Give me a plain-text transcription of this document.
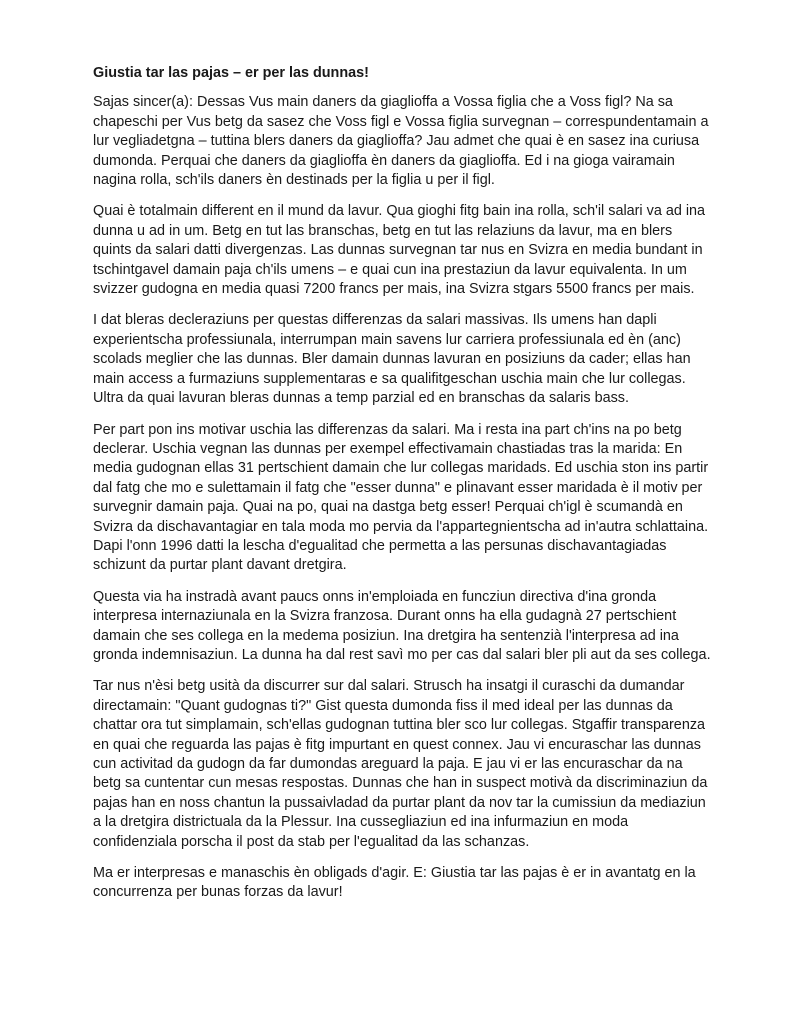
Giustia tar las pajas – er per las dunnas!

Sajas sincer(a): Dessas Vus main daners da giaglioffa a Vossa figlia che a Voss figl? Na sa chapeschi per Vus betg da sasez che Voss figl e Vossa figlia survegnan – correspundentamain a lur vegliadetgna – tuttina blers daners da giaglioffa? Jau admet che quai è en sasez ina curiusa dumonda. Perquai che daners da giaglioffa èn daners da giaglioffa. Ed i na gioga vairamain nagina rolla, sch'ils daners èn destinads per la figlia u per il figl.

Quai è totalmain different en il mund da lavur. Qua gioghi fitg bain ina rolla, sch'il salari va ad ina dunna u ad in um. Betg en tut las branschas, betg en tut las relaziuns da lavur, ma en blers quints da salari datti divergenzas. Las dunnas survegnan tar nus en Svizra en media bundant in tschintgavel damain paja ch'ils umens – e quai cun ina prestaziun da lavur equivalenta. In um svizzer gudogna en media quasi 7200 francs per mais, ina Svizra stgars 5500 francs per mais.

I dat bleras decleraziuns per questas differenzas da salari massivas. Ils umens han dapli experientscha professiunala, interrumpan main savens lur carriera professiunala ed èn (anc) scolads meglier che las dunnas. Bler damain dunnas lavuran en posiziuns da cader; ellas han main access a furmaziuns supplementaras e sa qualifitgeschan uschia main che lur collegas. Ultra da quai lavuran bleras dunnas a temp parzial ed en branschas da salaris bass.

Per part pon ins motivar uschia las differenzas da salari. Ma i resta ina part ch'ins na po betg declerar. Uschia vegnan las dunnas per exempel effectivamain chastiadas tras la marida: En media gudognan ellas 31 pertschient damain che lur collegas maridads. Ed uschia ston ins partir dal fatg che mo e sulettamain il fatg che "esser dunna" e plinavant esser maridada è il motiv per survegnir damain paja. Quai na po, quai na dastga betg esser! Perquai ch'igl è scumandà en Svizra da dischavantagiar en tala moda mo pervia da l'appartegnientscha ad in'autra schlattaina. Dapi l'onn 1996 datti la lescha d'egualitad che permetta a las persunas dischavantagiadas schizunt da purtar plant davant dretgira.

Questa via ha instradà avant paucs onns in'emploiada en funcziun directiva d'ina gronda interpresa internaziunala en la Svizra franzosa. Durant onns ha ella gudagnà 27 pertschient damain che ses collega en la medema posiziun. Ina dretgira ha sentenzià l'interpresa ad ina gronda indemnisaziun. La dunna ha dal rest savì mo per cas dal salari bler pli aut da ses collega.

Tar nus n'èsi betg usità da discurrer sur dal salari. Strusch ha insatgi il curaschi da dumandar directamain: "Quant gudognas ti?" Gist questa dumonda fiss il med ideal per las dunnas da chattar ora tut simplamain, sch'ellas gudognan tuttina bler sco lur collegas. Stgaffir transparenza en quai che reguarda las pajas è fitg impurtant en quest connex. Jau vi encuraschar las dunnas cun activitad da gudogn da far dumondas areguard la paja. E jau vi er las encuraschar da na betg sa cuntentar cun mesas respostas. Dunnas che han in suspect motivà da discriminaziun da pajas han en noss chantun la pussaivladad da purtar plant da nov tar la cumissiun da mediaziun a la dretgira districtuala da la Plessur. Ina cussegliaziun ed ina infurmaziun en moda confidenziala porscha il post da stab per l'egualitad da las schanzas.

Ma er interpresas e manaschis èn obligads d'agir. E: Giustia tar las pajas è er in avantatg en la concurrenza per bunas forzas da lavur!
